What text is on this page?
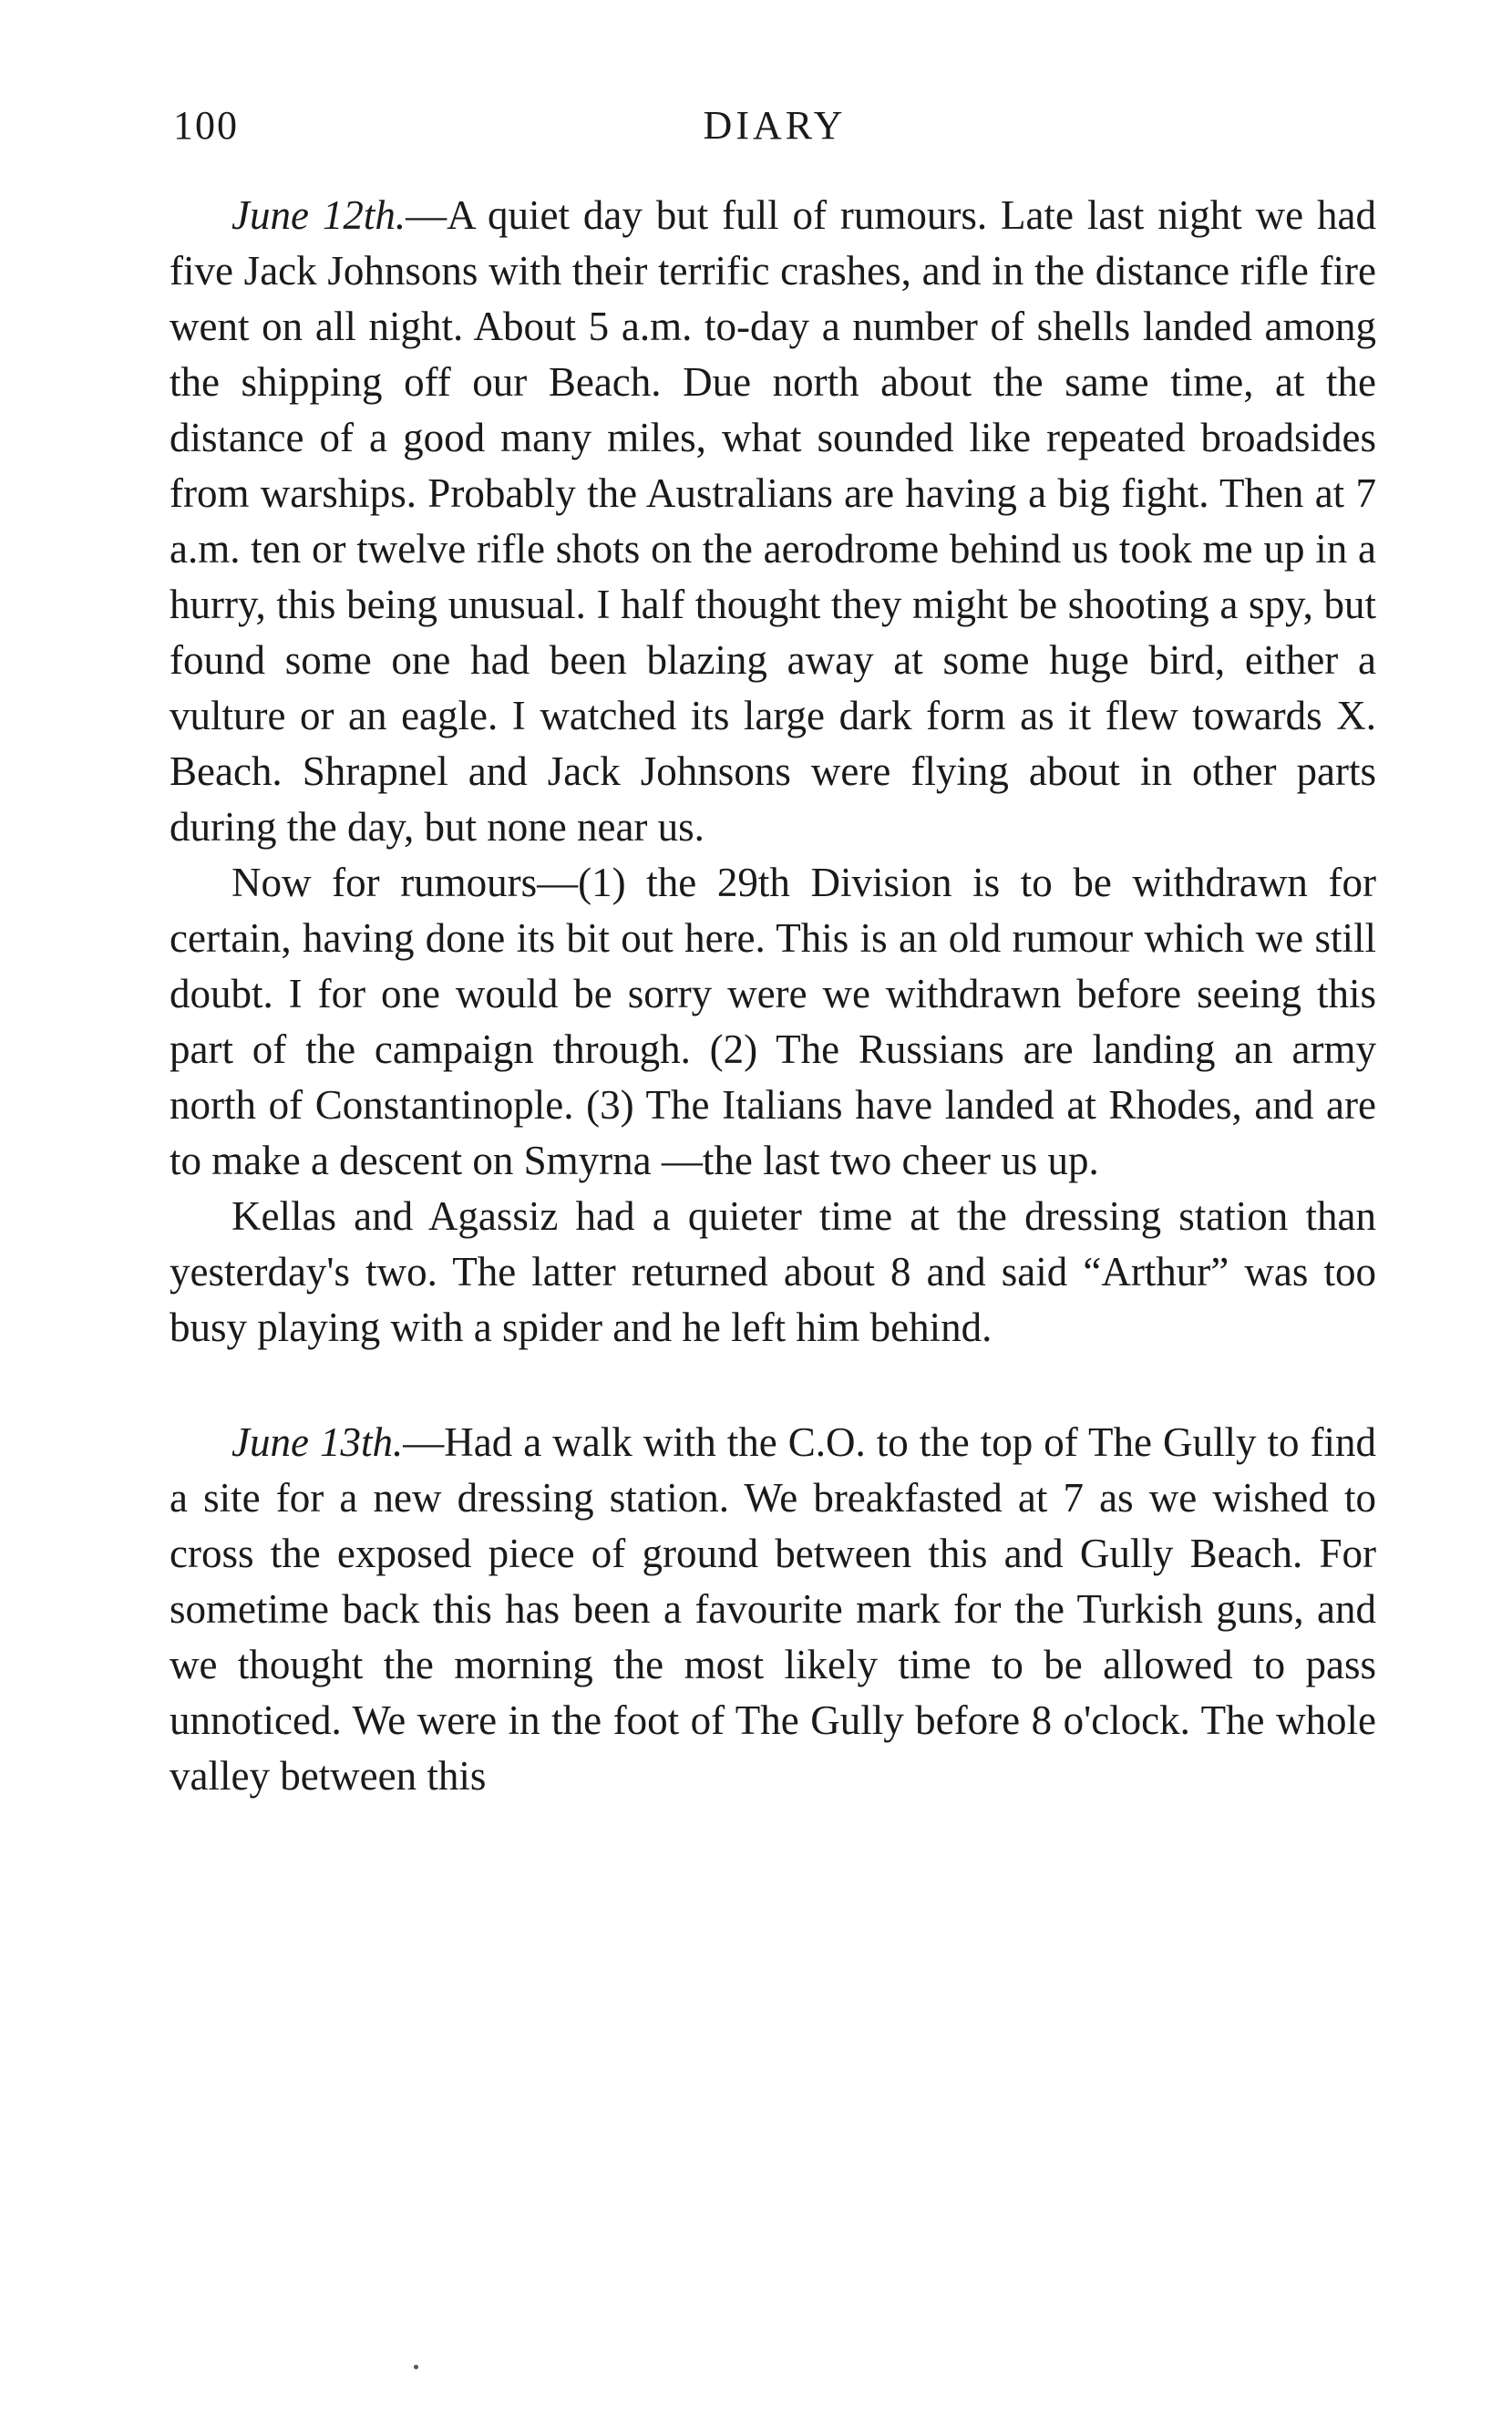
100	DIARY

June 12th.—A quiet day but full of rumours. Late last night we had five Jack Johnsons with their terrific crashes, and in the distance rifle fire went on all night. About 5 a.m. to-day a number of shells landed among the shipping off our Beach. Due north about the same time, at the distance of a good many miles, what sounded like repeated broadsides from warships. Probably the Australians are having a big fight. Then at 7 a.m. ten or twelve rifle shots on the aerodrome behind us took me up in a hurry, this being unusual. I half thought they might be shooting a spy, but found some one had been blazing away at some huge bird, either a vulture or an eagle. I watched its large dark form as it flew towards X. Beach. Shrapnel and Jack Johnsons were flying about in other parts during the day, but none near us.

Now for rumours—(1) the 29th Division is to be withdrawn for certain, having done its bit out here. This is an old rumour which we still doubt. I for one would be sorry were we withdrawn before seeing this part of the campaign through. (2) The Russians are landing an army north of Constantinople. (3) The Italians have landed at Rhodes, and are to make a descent on Smyrna —the last two cheer us up.

Kellas and Agassiz had a quieter time at the dressing station than yesterday's two. The latter returned about 8 and said “Arthur” was too busy playing with a spider and he left him behind.

June 13th.—Had a walk with the C.O. to the top of The Gully to find a site for a new dressing station. We breakfasted at 7 as we wished to cross the exposed piece of ground between this and Gully Beach. For sometime back this has been a favourite mark for the Turkish guns, and we thought the morning the most likely time to be allowed to pass unnoticed. We were in the foot of The Gully before 8 o'clock. The whole valley between this
